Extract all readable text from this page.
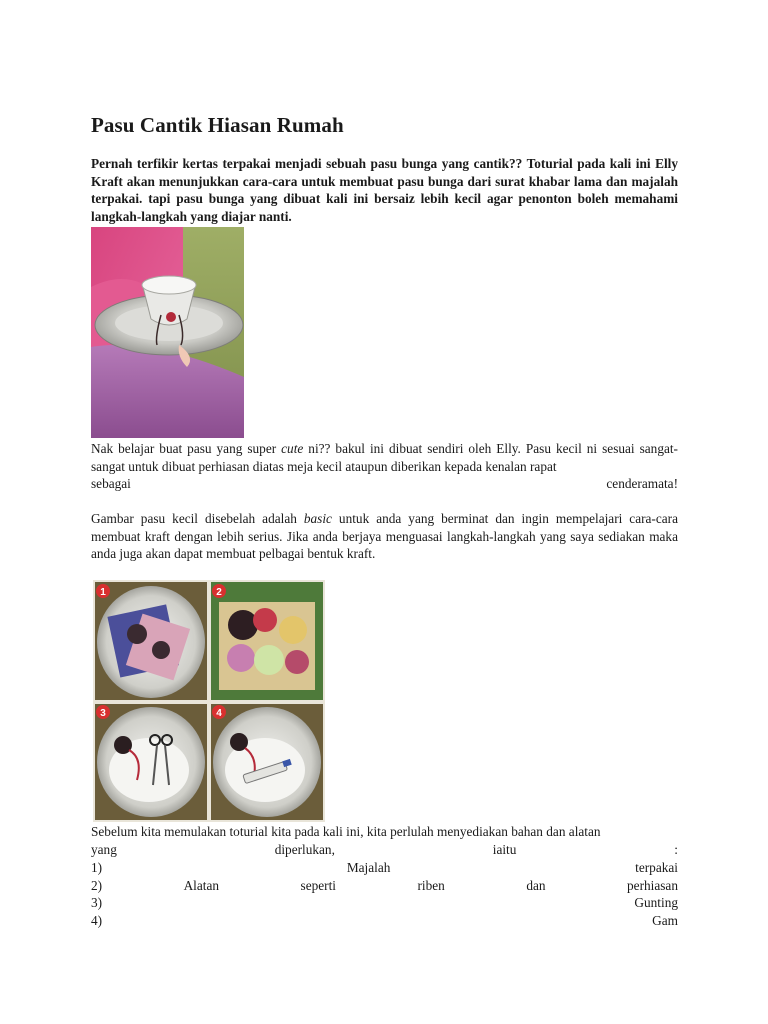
Pasu Cantik Hiasan Rumah

Pernah terfikir kertas terpakai menjadi sebuah pasu bunga yang cantik?? Toturial pada kali ini Elly Kraft akan menunjukkan cara-cara untuk membuat pasu bunga dari surat khabar lama dan majalah terpakai. tapi pasu bunga yang dibuat kali ini bersaiz lebih kecil agar penonton boleh memahami langkah-langkah yang diajar nanti.

Nak belajar buat pasu yang super cute ni?? bakul ini dibuat sendiri oleh Elly. Pasu kecil ni sesuai sangat-sangat untuk dibuat perhiasan diatas meja kecil ataupun diberikan kepada kenalan rapat
sebagai	cenderamata!
Gambar pasu kecil disebelah adalah basic untuk anda yang berminat dan ingin mempelajari cara-cara membuat kraft dengan lebih serius. Jika anda berjaya menguasai langkah-langkah yang saya sediakan maka anda juga akan dapat membuat pelbagai bentuk kraft.
1	2
3	4
Sebelum kita memulakan toturial kita pada kali ini, kita perlulah menyediakan bahan dan alatan
yang	diperlukan,	iaitu	:
1)	Majalah	terpakai
2)	Alatan	seperti	riben	dan	perhiasan
3)	Gunting
4)	Gam
